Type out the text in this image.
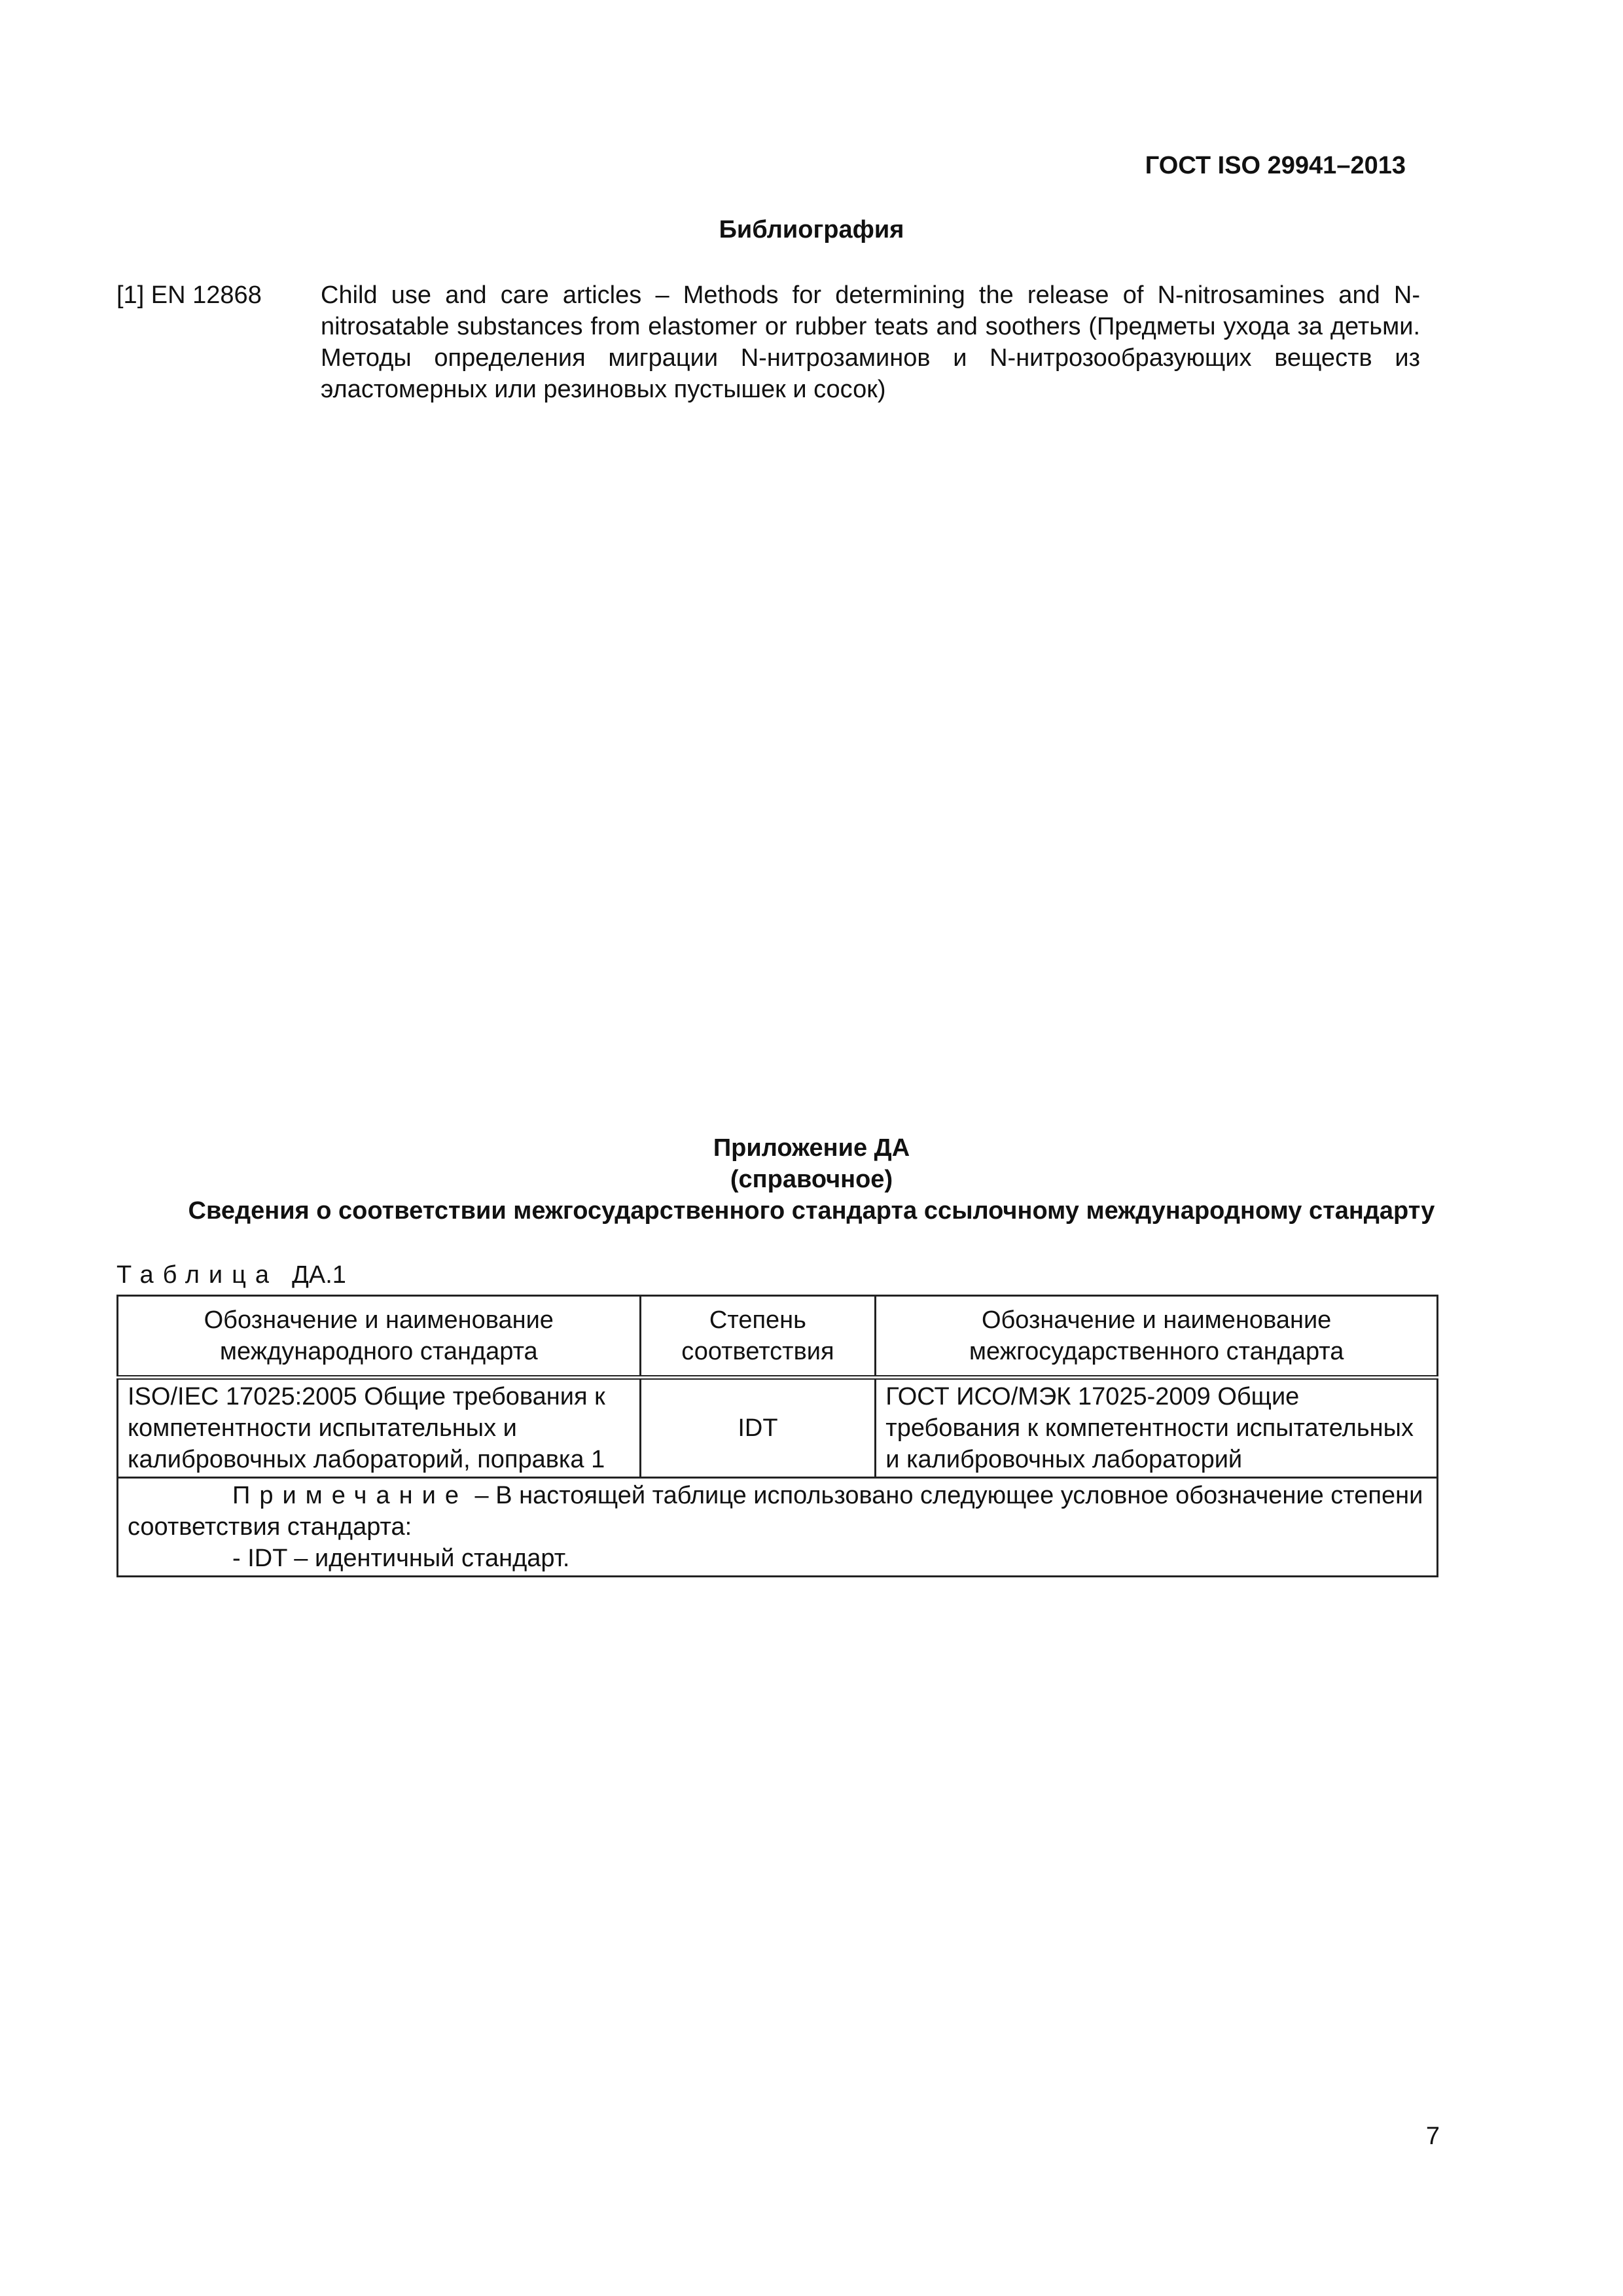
ГОСТ ISO 29941–2013
Библиография
[1] EN 12868 Child use and care articles – Methods for determining the release of N-nitrosamines and N-nitrosatable substances from elastomer or rubber teats and soothers (Предметы ухода за детьми. Методы определения миграции N-нитрозаминов и N-нитрозообразующих веществ из эластомерных или резиновых пустышек и сосок)
Приложение ДА
(справочное)
Сведения о соответствии межгосударственного стандарта ссылочному международному стандарту
Таблица ДА.1
Обозначение и наименование международного стандарта	Степень соответствия	Обозначение и наименование межгосударственного стандарта
ISO/IEC 17025:2005 Общие требования к компетентности испытательных и калибровочных лабораторий, поправка 1	IDT	ГОСТ ИСО/МЭК 17025-2009 Общие требования к компетентности испытательных и калибровочных лабораторий

Примечание – В настоящей таблице использовано следующее условное обозначение степени соответствия стандарта:
- IDT – идентичный стандарт.		
7
